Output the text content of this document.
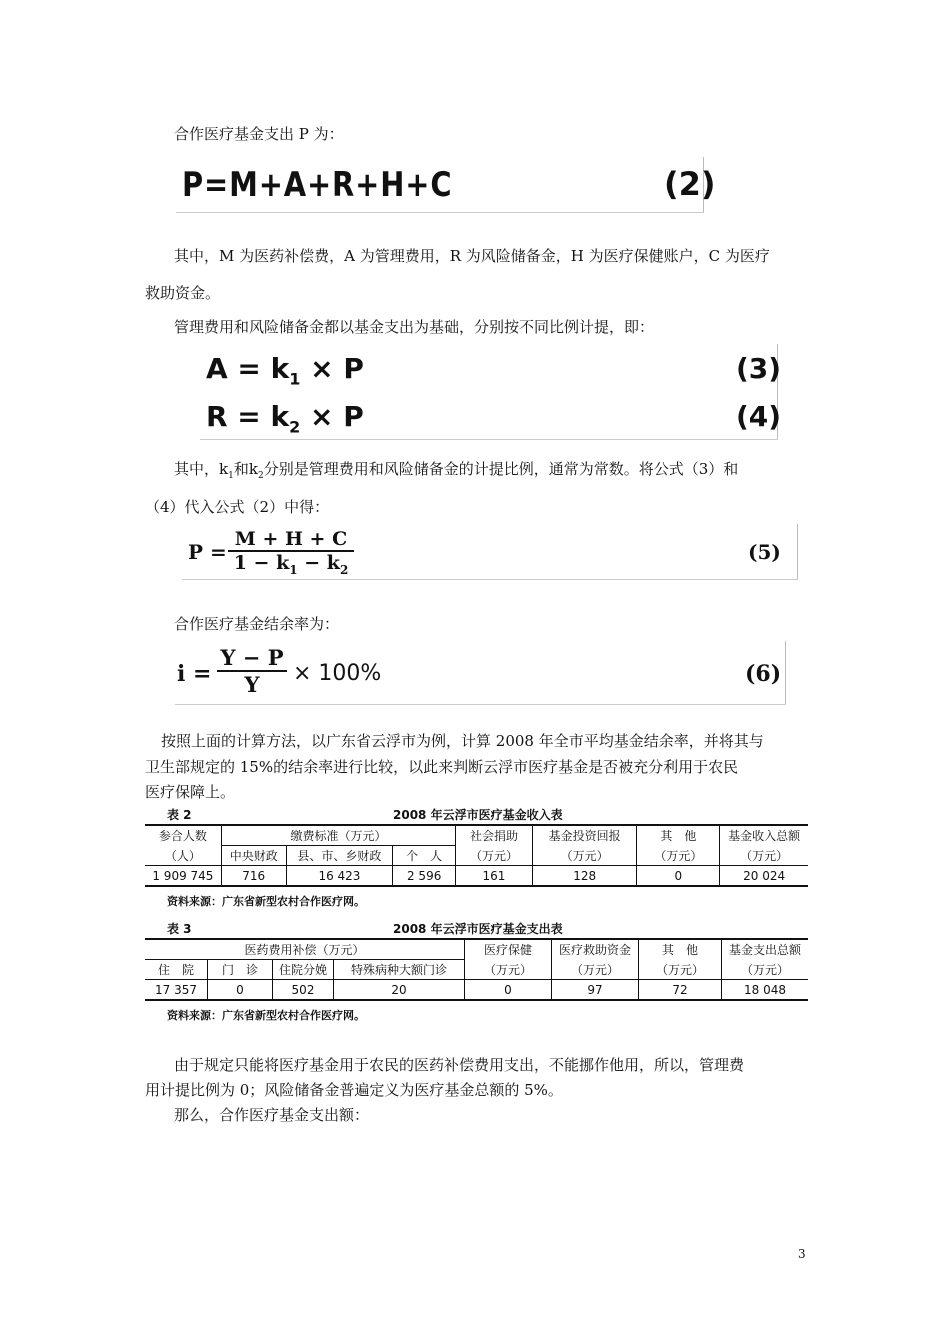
合作医疗基金支出 P 为：
P=M+A+R+H+C	(2)
其中，M 为医药补偿费，A 为管理费用，R 为风险储备金，H 为医疗保健账户，C 为医疗
救助资金。
管理费用和风险储备金都以基金支出为基础，分别按不同比例计提，即：
$A = k_1 \times P$	(3)
$R = k_2 \times P$	(4)
其中，$k_1$和$k_2$分别是管理费用和风险储备金的计提比例，通常为常数。将公式（3）和
（4）代入公式（2）中得：
P =
M + H + C
$1 - k_1 - k_2$
(5)
合作医疗基金结余率为：
i =
Y − P
Y	× 100%	(6)
按照上面的计算方法，以广东省云浮市为例，计算 2008 年全市平均基金结余率，并将其与
卫生部规定的 15%的结余率进行比较，以此来判断云浮市医疗基金是否被充分利用于农民
医疗保障上。
表 2	2008 年云浮市医疗基金收入表
参合人数	缴费标准（万元）			社会捐助	基金投资回报	其　他	基金收入总额
（人）	中央财政	县、市、乡财政	个　人	（万元）	（万元）	（万元）	（万元）
1 909 745	716	16 423	2 596	161	128	0	20 024
资料来源：广东省新型农村合作医疗网。
表 3	2008 年云浮市医疗基金支出表
医药费用补偿（万元）				医疗保健	医疗救助资金	其　他	基金支出总额
住　院	门　诊	住院分娩	特殊病种大额门诊	（万元）	（万元）	（万元）	（万元）
17 357	0	502	20	0	97	72	18 048
资料来源：广东省新型农村合作医疗网。
由于规定只能将医疗基金用于农民的医药补偿费用支出，不能挪作他用，所以，管理费
用计提比例为 0；风险储备金普遍定义为医疗基金总额的 5%。
那么，合作医疗基金支出额：
3
